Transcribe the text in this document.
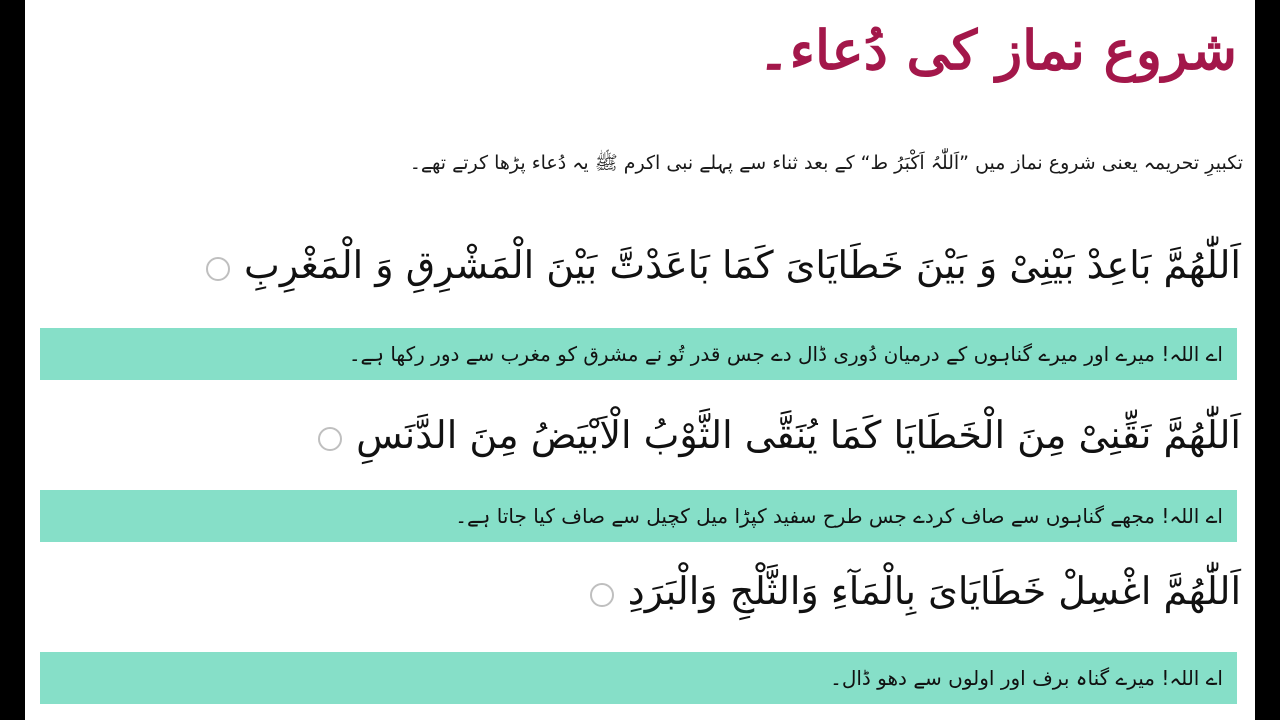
شروع نماز کی دُعاء۔
تکبیرِ تحریمہ یعنی شروع نماز میں ”اَللّٰہُ اَکْبَرُ ط“ کے بعد ثناء سے پہلے نبی اکرم ﷺ یہ دُعاء پڑھا کرتے تھے۔
اَللّٰھُمَّ بَاعِدْ بَیْنِیْ وَ بَیْنَ خَطَایَایَ کَمَا بَاعَدْتَّ بَیْنَ الْمَشْرِقِ وَ الْمَغْرِبِ
اے اللہ! میرے اور میرے گناہوں کے درمیان دُوری ڈال دے جس قدر تُو نے مشرق کو مغرب سے دور رکھا ہے۔
اَللّٰھُمَّ نَقِّنِیْ مِنَ الْخَطَایَا کَمَا یُنَقَّی الثَّوْبُ الْاَبْیَضُ مِنَ الدَّنَسِ
اے اللہ! مجھے گناہوں سے صاف کردے جس طرح سفید کپڑا میل کچیل سے صاف کیا جاتا ہے۔
اَللّٰھُمَّ اغْسِلْ خَطَایَایَ بِالْمَآءِ وَالثَّلْجِ وَالْبَرَدِ
اے اللہ! میرے گناہ برف اور اولوں سے دھو ڈال۔
